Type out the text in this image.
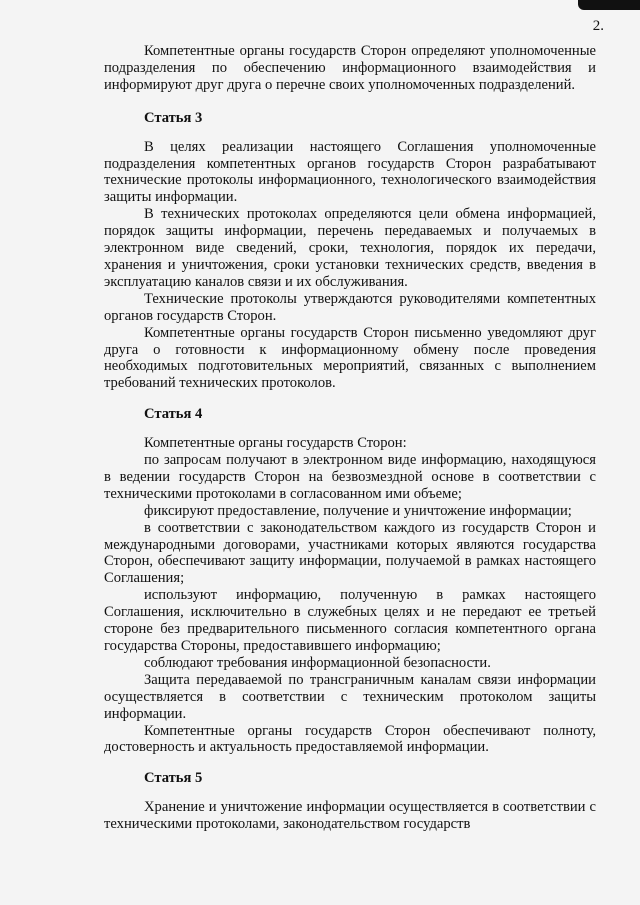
2.

Компетентные органы государств Сторон определяют уполномоченные подразделения по обеспечению информационного взаимодействия и информируют друг друга о перечне своих уполномоченных подразделений.

Статья 3

В целях реализации настоящего Соглашения уполномоченные подразделения компетентных органов государств Сторон разрабатывают технические протоколы информационного, технологического взаимодействия защиты информации.

В технических протоколах определяются цели обмена информацией, порядок защиты информации, перечень передаваемых и получаемых в электронном виде сведений, сроки, технология, порядок их передачи, хранения и уничтожения, сроки установки технических средств, введения в эксплуатацию каналов связи и их обслуживания.

Технические протоколы утверждаются руководителями компетентных органов государств Сторон.

Компетентные органы государств Сторон письменно уведомляют друг друга о готовности к информационному обмену после проведения необходимых подготовительных мероприятий, связанных с выполнением требований технических протоколов.

Статья 4

Компетентные органы государств Сторон:

по запросам получают в электронном виде информацию, находящуюся в ведении государств Сторон на безвозмездной основе в соответствии с техническими протоколами в согласованном ими объеме;

фиксируют предоставление, получение и уничтожение информации;

в соответствии с законодательством каждого из государств Сторон и международными договорами, участниками которых являются государства Сторон, обеспечивают защиту информации, получаемой в рамках настоящего Соглашения;

используют информацию, полученную в рамках настоящего Соглашения, исключительно в служебных целях и не передают ее третьей стороне без предварительного письменного согласия компетентного органа государства Стороны, предоставившего информацию;

соблюдают требования информационной безопасности.

Защита передаваемой по трансграничным каналам связи информации осуществляется в соответствии с техническим протоколом защиты информации.

Компетентные органы государств Сторон обеспечивают полноту, достоверность и актуальность предоставляемой информации.

Статья 5

Хранение и уничтожение информации осуществляется в соответствии с техническими протоколами, законодательством государств
